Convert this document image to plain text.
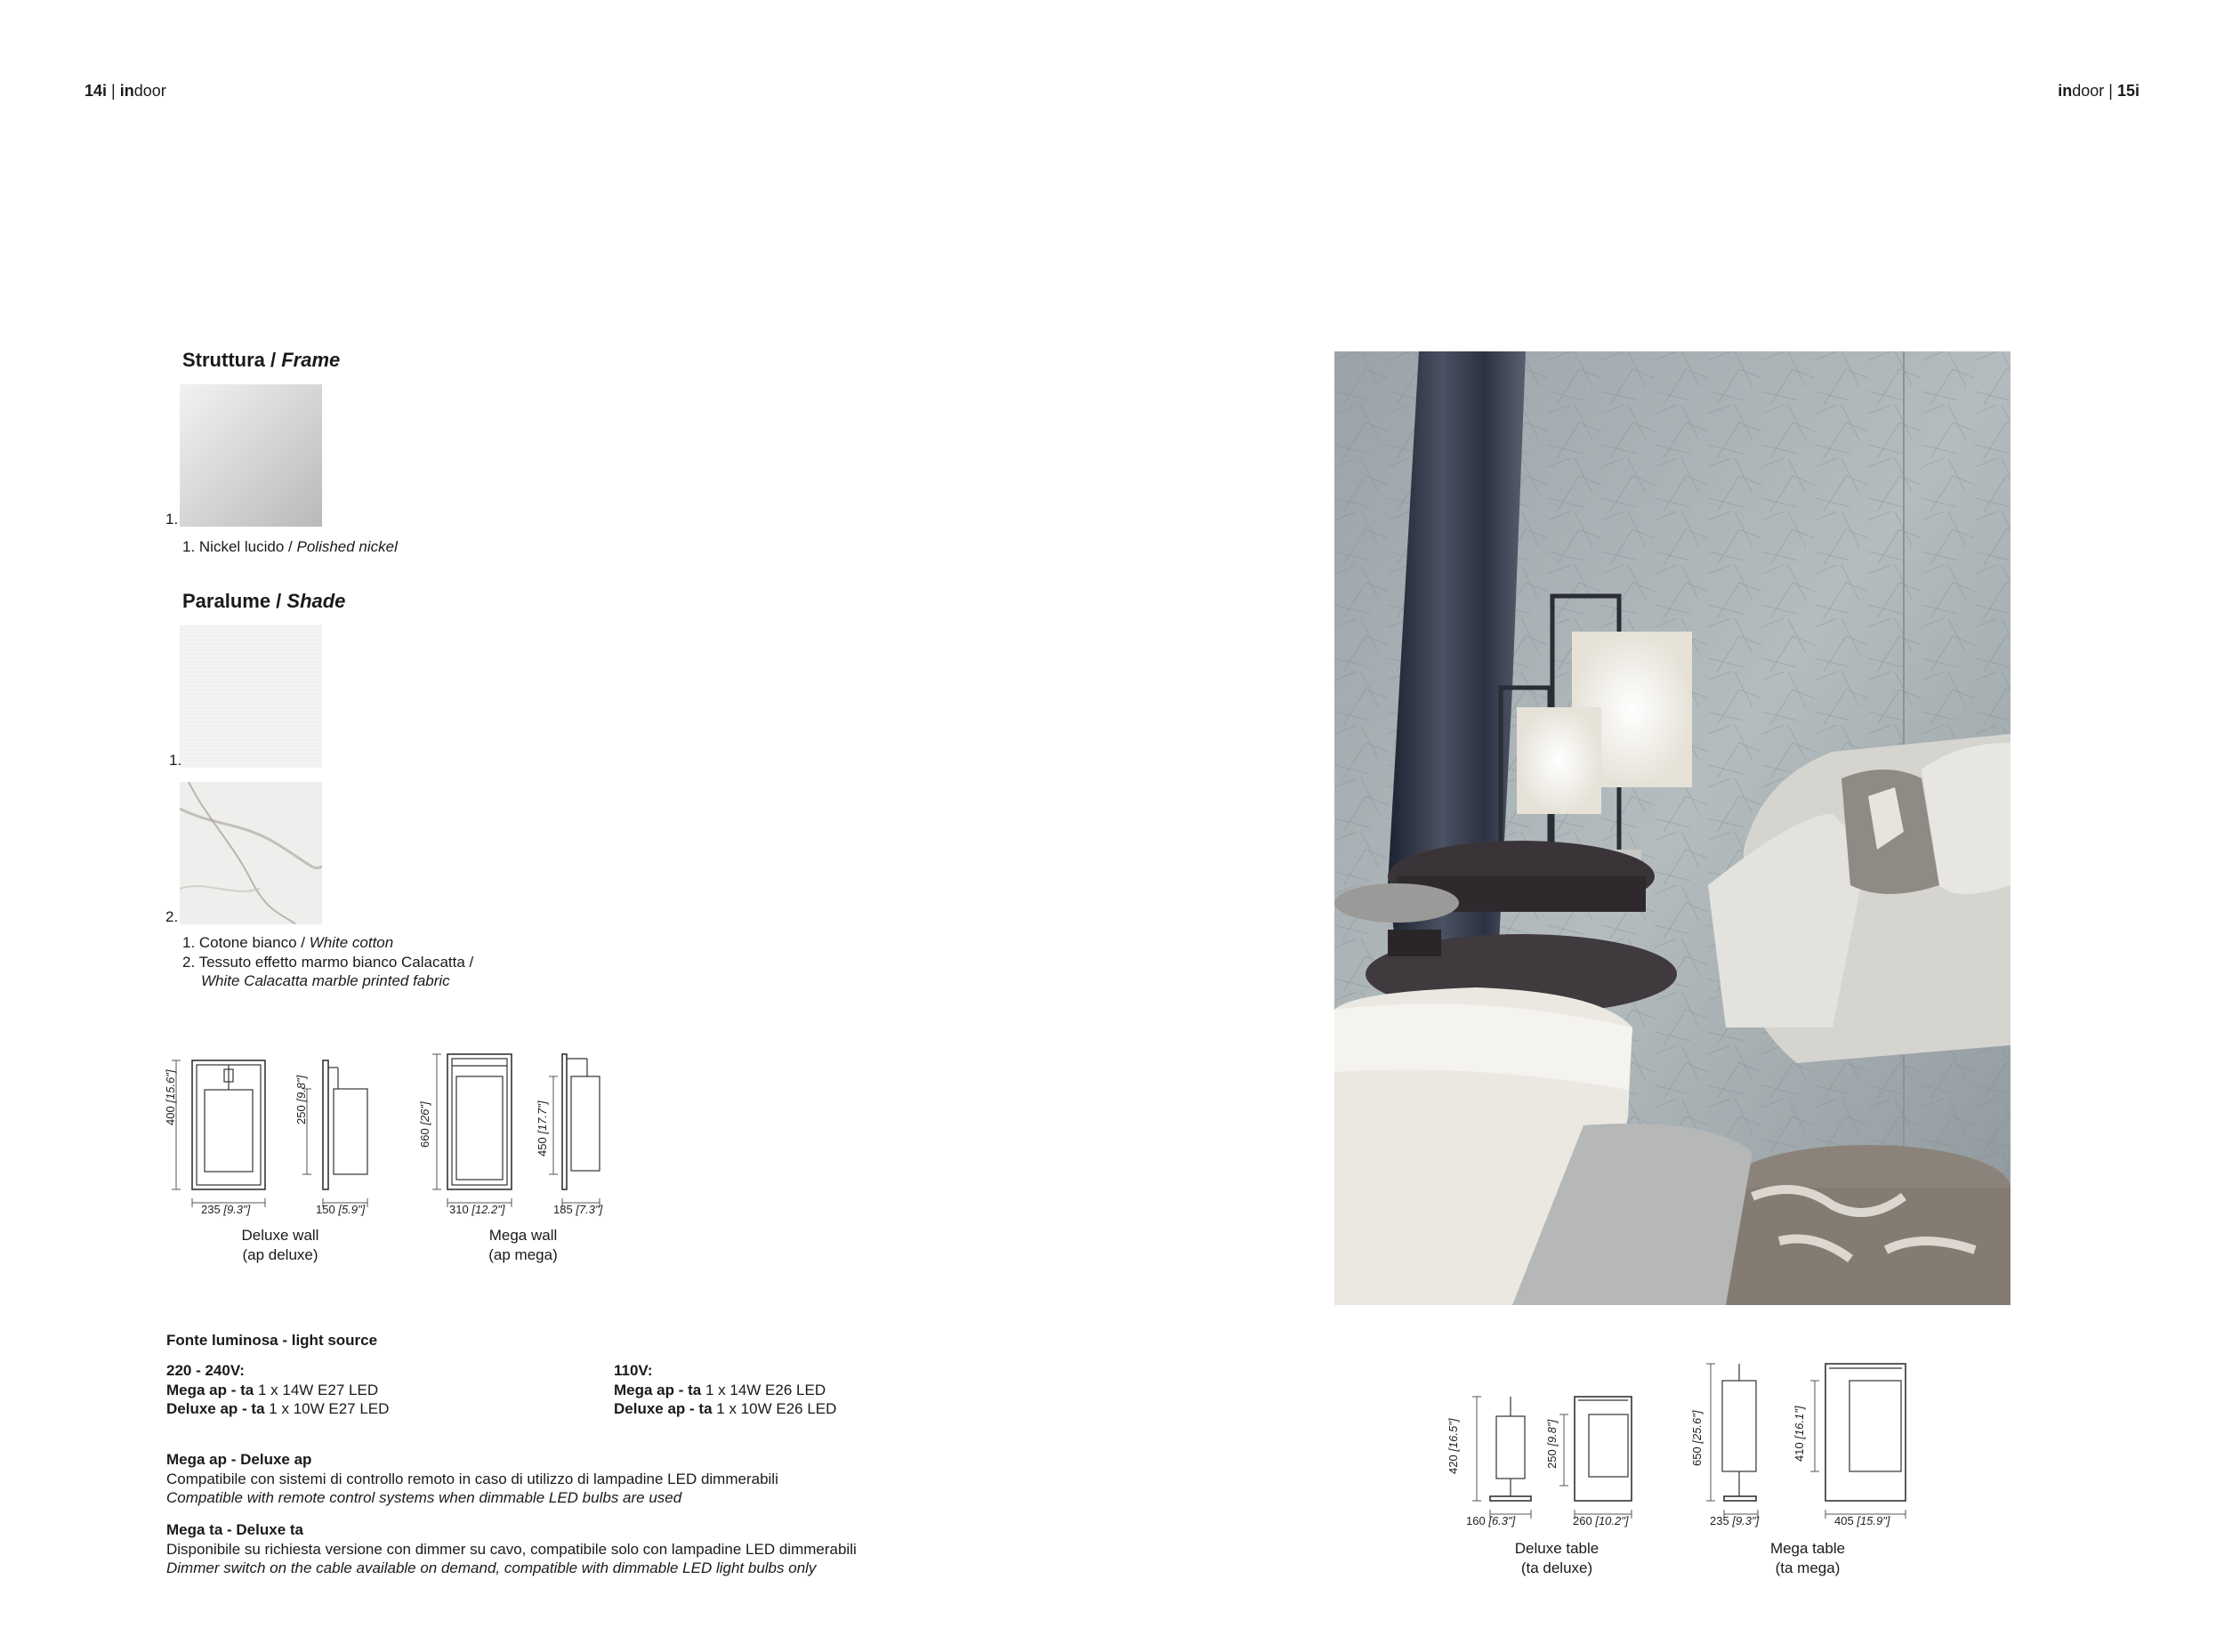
14i | indoor	indoor | 15i
Struttura / Frame
1.
1. Nickel lucido / Polished nickel
Paralume / Shade
1.
2.
1. Cotone bianco / White cotton
2. Tessuto effetto marmo bianco Calacatta /
White Calacatta marble printed fabric
400 [15.6"]
250 [9.8"]
235 [9.3"]	150 [5.9"]
660 [26"]
450 [17.7"]
310 [12.2"]	185 [7.3"]
Deluxe wall
(ap deluxe)
Mega wall
(ap mega)
Fonte luminosa - light source
220 - 240V:
Mega ap - ta 1 x 14W E27 LED
Deluxe ap - ta 1 x 10W E27 LED
110V:
Mega ap - ta 1 x 14W E26 LED
Deluxe ap - ta 1 x 10W E26 LED
Mega ap - Deluxe ap
Compatibile con sistemi di controllo remoto in caso di utilizzo di lampadine LED dimmerabili
Compatible with remote control systems when dimmable LED bulbs are used
Mega ta - Deluxe ta
Disponibile su richiesta versione con dimmer su cavo, compatibile solo con lampadine LED dimmerabili
Dimmer switch on the cable available on demand, compatible with dimmable LED light bulbs only
420 [16.5"]
250 [9.8"]
160 [6.3"]	260 [10.2"]
650 [25.6"]
410 [16.1"]
235 [9.3"]	405 [15.9"]
Deluxe table
(ta deluxe)
Mega table
(ta mega)
